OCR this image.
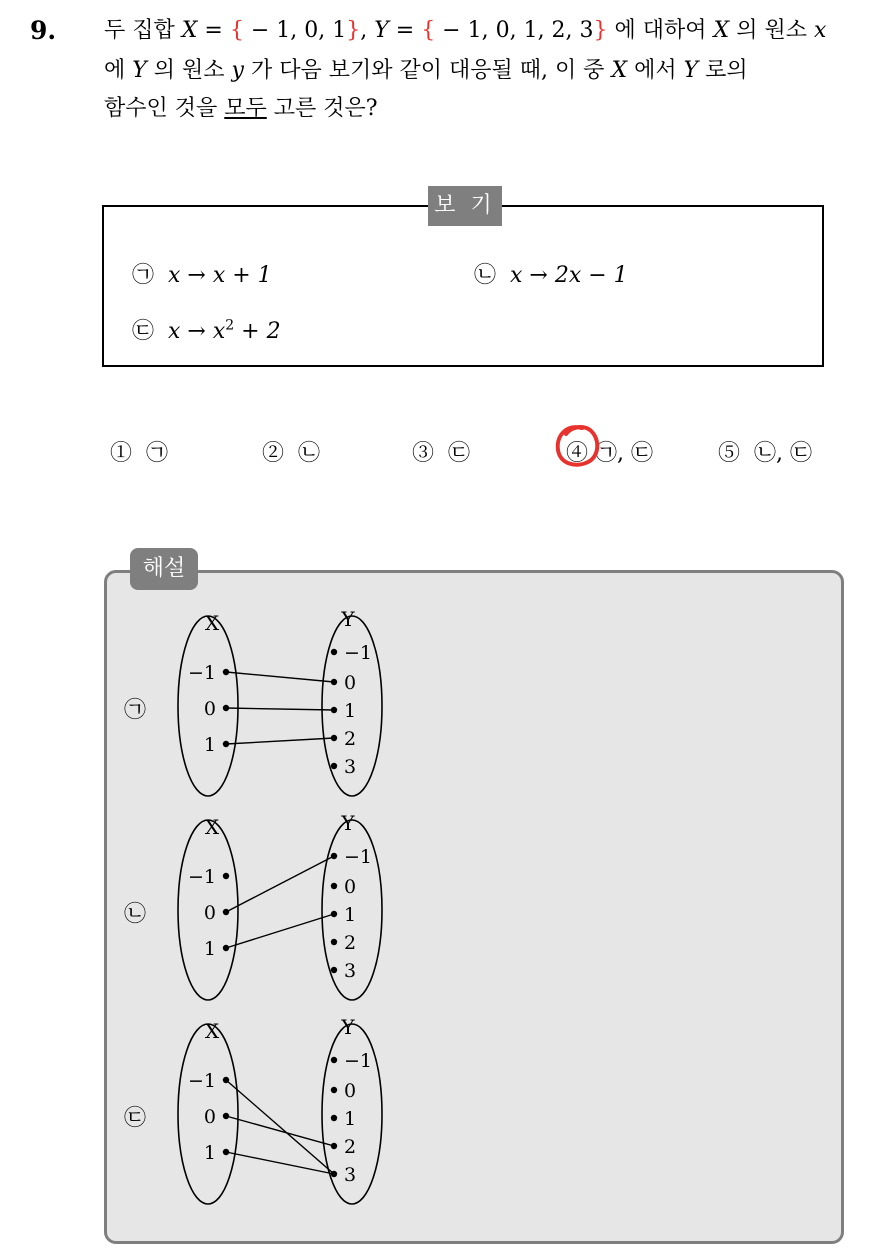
9. 두 집합 X = { − 1, 0, 1}, Y = { − 1, 0, 1, 2, 3} 에 대하여 X 의 원소 x
에 Y 의 원소 y 가 다음 보기와 같이 대응될 때, 이 중 X 에서 Y 로의
함수인 것을 모두 고른 것은?
보 기
㉠ x → x + 1	㉡ x → 2x − 1
㉢ $x \to x^2 + 2$
① ㉠	② ㉡	③ ㉢	④ ㉠, ㉢	⑤ ㉡, ㉢
해설
㉠
㉡
㉢
X	Y
−1
0
1
−1
0
1
2
3
X	Y
−1
0
1
−1
0
1
2
3
X	Y
−1
0
1
−1
0
1
2
3
